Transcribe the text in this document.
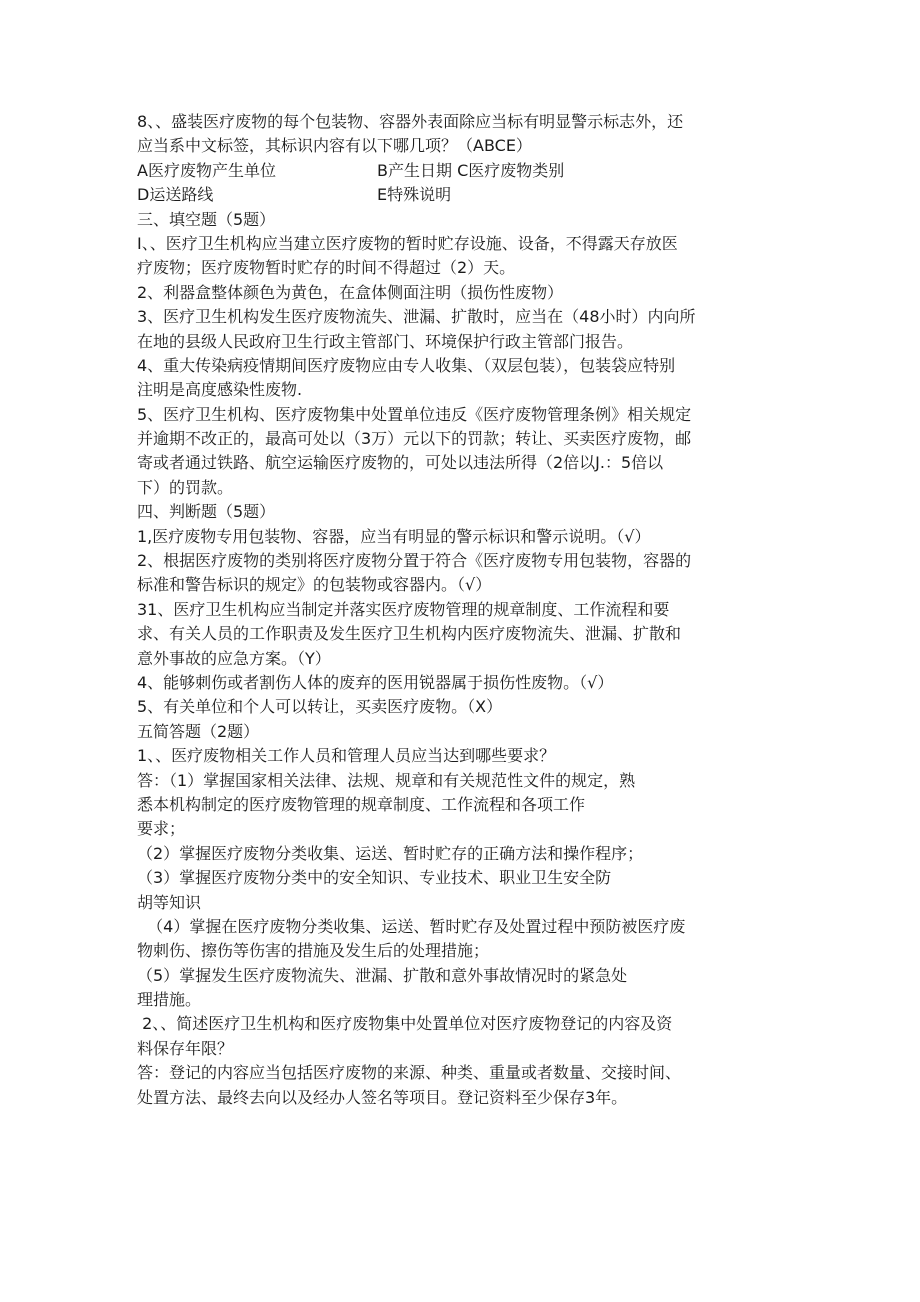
8、、盛装医疗废物的每个包装物、容器外表面除应当标有明显警示标志外，还
应当系中文标签，其标识内容有以下哪几项？（ABCE）
A医疗废物产生单位	B产生日期 C医疗废物类别
D运送路线	E特殊说明
三、填空题（5题）
I、、医疗卫生机构应当建立医疗废物的暂时贮存设施、设备，不得露天存放医
疗废物；医疗废物暂时贮存的时间不得超过（2）天。
2、利器盒整体颜色为黄色，在盒体侧面注明（损伤性废物）
3、医疗卫生机构发生医疗废物流失、泄漏、扩散时，应当在（48小时）内向所
在地的县级人民政府卫生行政主管部门、环境保护行政主管部门报告。
4、重大传染病疫情期间医疗废物应由专人收集、（双层包装），包装袋应特别
注明是高度感染性废物.
5、医疗卫生机构、医疗废物集中处置单位违反《医疗废物管理条例》相关规定
并逾期不改正的，最高可处以（3万）元以下的罚款；转让、买卖医疗废物，邮
寄或者通过铁路、航空运输医疗废物的，可处以违法所得（2倍以J.：5倍以
下）的罚款。
四、判断题（5题）
1,医疗废物专用包装物、容器，应当有明显的警示标识和警示说明。（√）
2、根据医疗废物的类别将医疗废物分置于符合《医疗废物专用包装物，容器的
标准和警告标识的规定》的包装物或容器内。（√）
31、医疗卫生机构应当制定并落实医疗废物管理的规章制度、工作流程和要
求、有关人员的工作职责及发生医疗卫生机构内医疗废物流失、泄漏、扩散和
意外事故的应急方案。（Y）
4、能够刺伤或者割伤人体的废弃的医用锐器属于损伤性废物。（√）
5、有关单位和个人可以转让，买卖医疗废物。（X）
五简答题（2题）
1、、医疗废物相关工作人员和管理人员应当达到哪些要求？
答：（1）掌握国家相关法律、法规、规章和有关规范性文件的规定，熟
悉本机构制定的医疗废物管理的规章制度、工作流程和各项工作
要求；
（2）掌握医疗废物分类收集、运送、暂时贮存的正确方法和操作程序；
（3）掌握医疗废物分类中的安全知识、专业技术、职业卫生安全防
胡等知识
（4）掌握在医疗废物分类收集、运送、暂时贮存及处置过程中预防被医疗废
物刺伤、擦伤等伤害的措施及发生后的处理措施；
（5）掌握发生医疗废物流失、泄漏、扩散和意外事故情况时的紧急处
理措施。
2、、简述医疗卫生机构和医疗废物集中处置单位对医疗废物登记的内容及资
料保存年限？
答：登记的内容应当包括医疗废物的来源、种类、重量或者数量、交接时间、
处置方法、最终去向以及经办人签名等项目。登记资料至少保存3年。
